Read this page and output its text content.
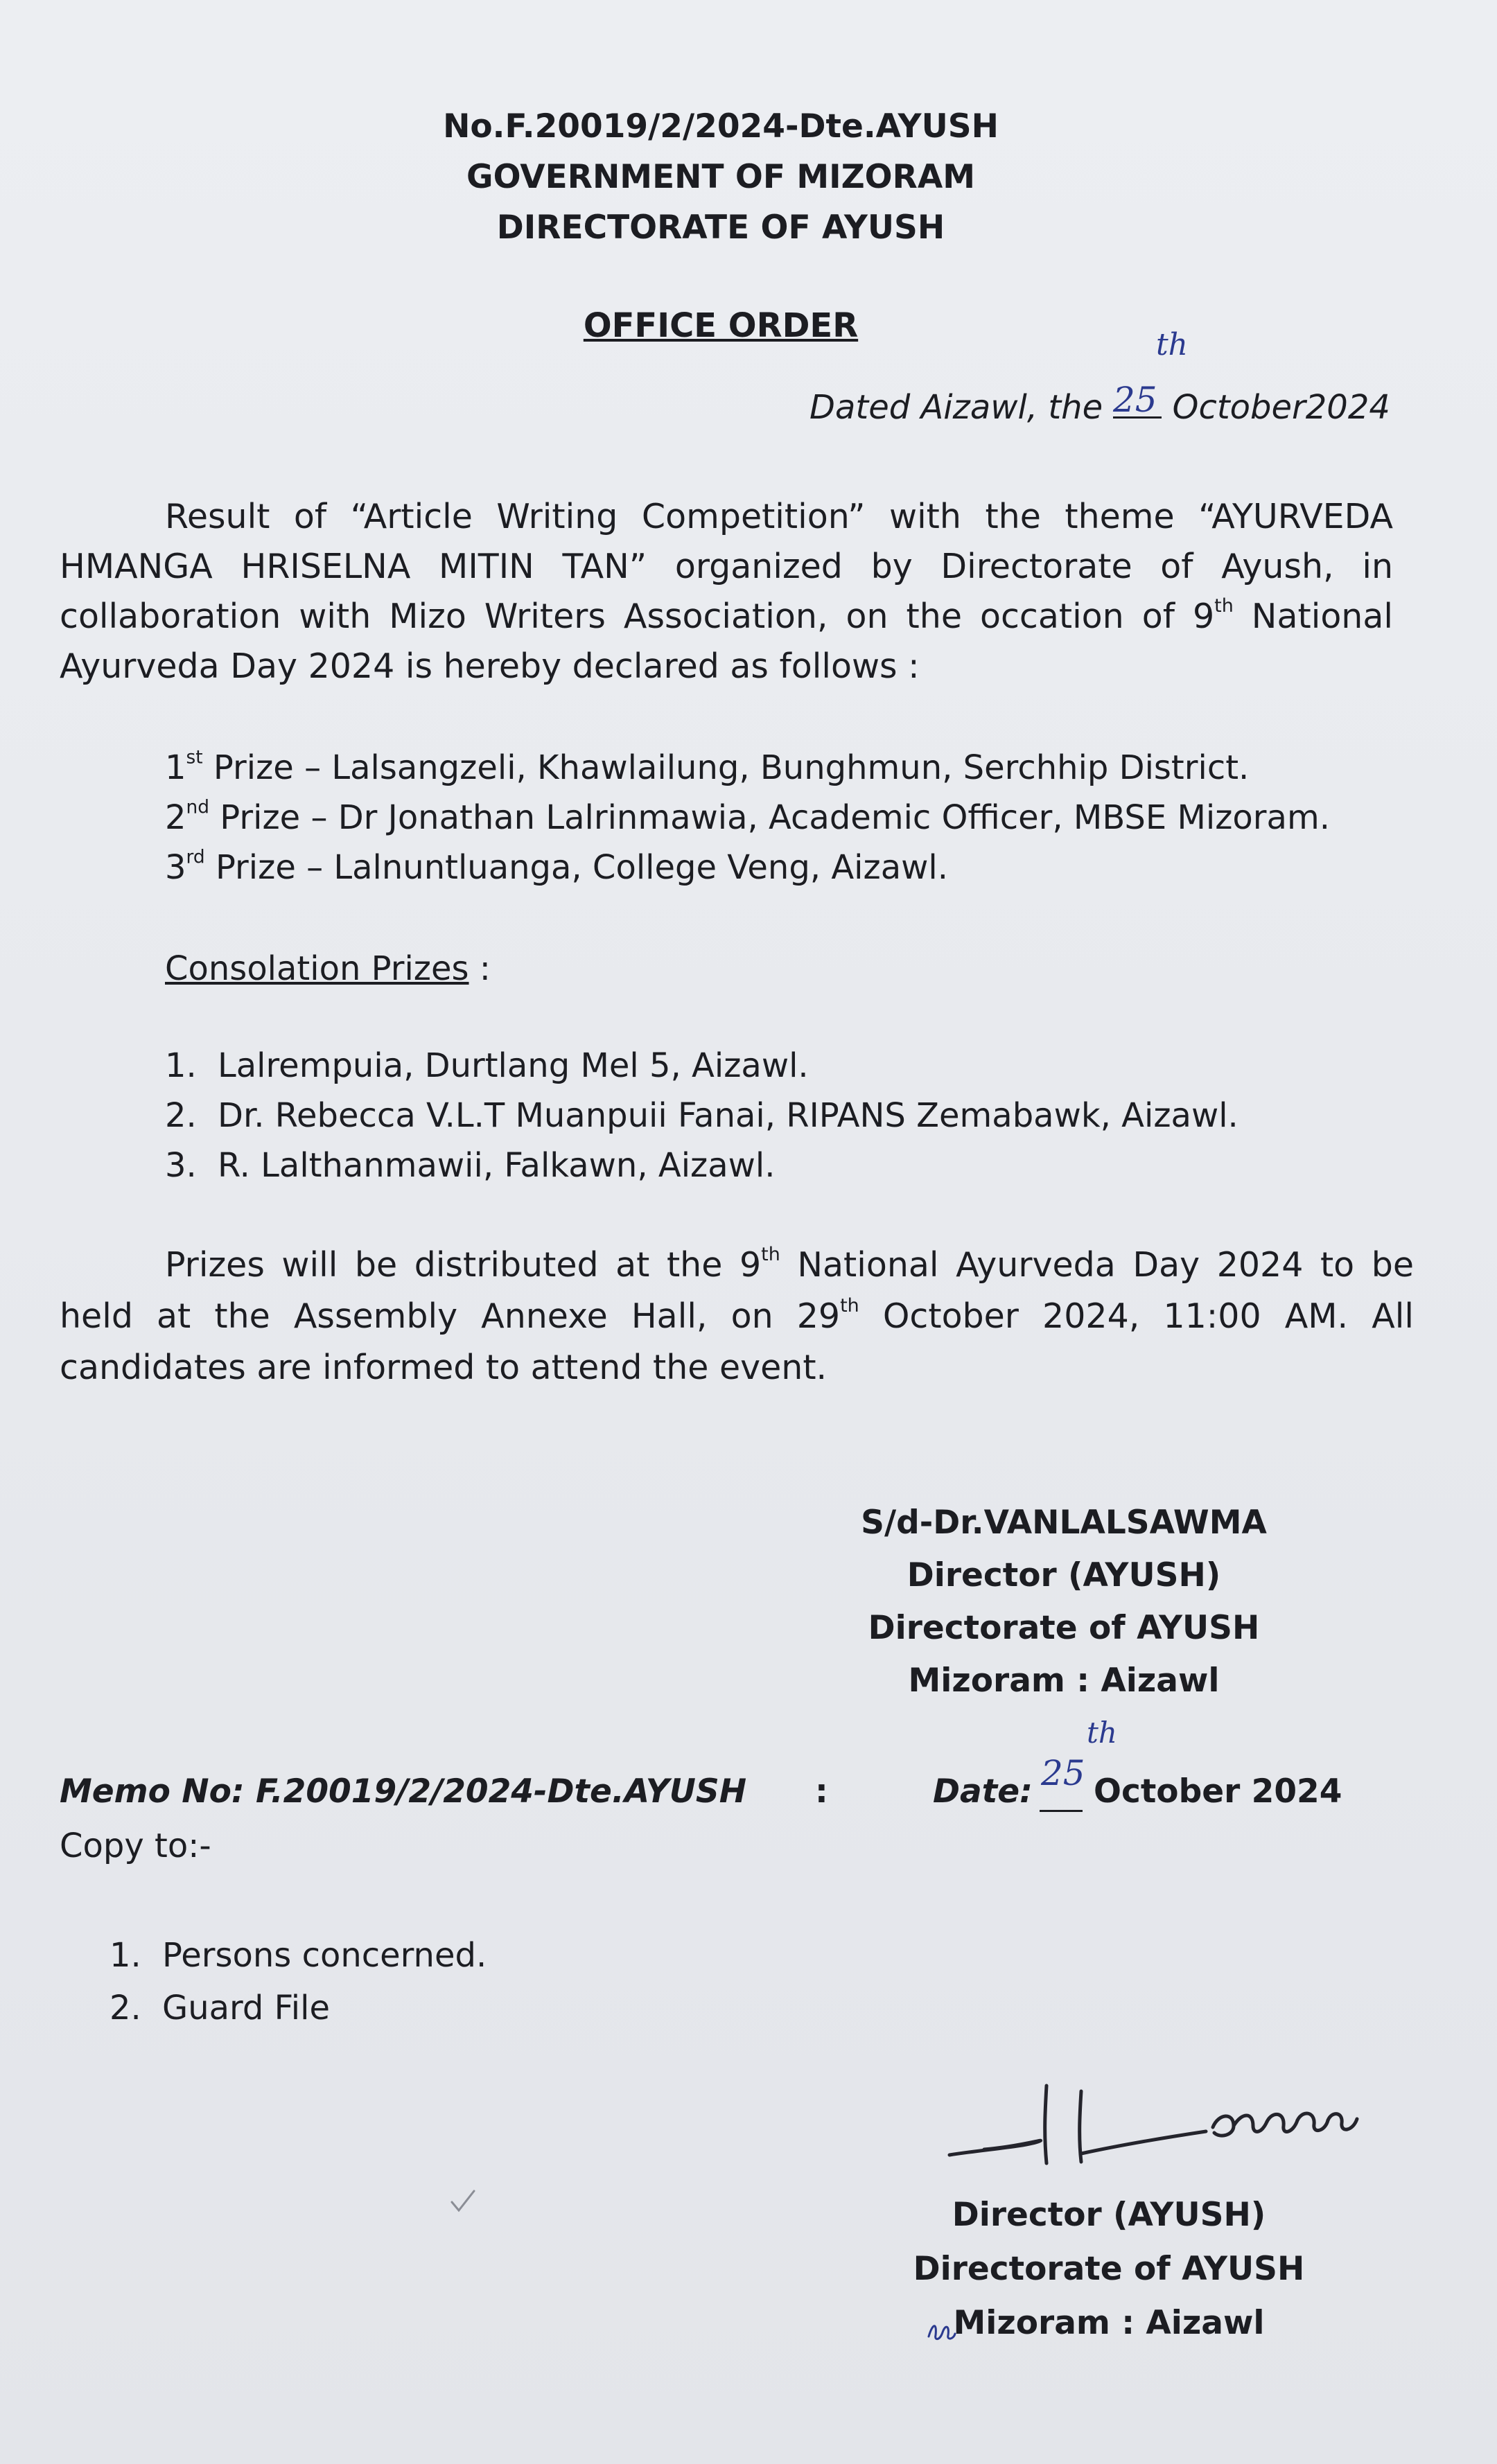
No.F.20019/2/2024-Dte.AYUSH
GOVERNMENT OF MIZORAM
DIRECTORATE OF AYUSH
OFFICE ORDER
Dated Aizawl, the October2024
25
th
Result of “Article Writing Competition” with the theme “AYURVEDA
HMANGA HRISELNA MITIN TAN” organized by Directorate of Ayush, in
collaboration with Mizo Writers Association, on the occation of 9th National
Ayurveda Day 2024 is hereby declared as follows :
1st Prize – Lalsangzeli, Khawlailung, Bunghmun, Serchhip District.
2nd Prize – Dr Jonathan Lalrinmawia, Academic Officer, MBSE Mizoram.
3rd Prize – Lalnuntluanga, College Veng, Aizawl.
Consolation Prizes :
1. Lalrempuia, Durtlang Mel 5, Aizawl.
2. Dr. Rebecca V.L.T Muanpuii Fanai, RIPANS Zemabawk, Aizawl.
3. R. Lalthanmawii, Falkawn, Aizawl.
Prizes will be distributed at the 9th National Ayurveda Day 2024 to be
held at the Assembly Annexe Hall, on 29th October 2024, 11:00 AM. All
candidates are informed to attend the event.
S/d-Dr.VANLALSAWMA
Director (AYUSH)
Directorate of AYUSH
Mizoram : Aizawl
Memo No: F.20019/2/2024-Dte.AYUSH :	Date: 25
th
October 2024
Copy to:-
1. Persons concerned.
2. Guard File
Director (AYUSH)
Directorate of AYUSH
Mizoram : Aizawl
